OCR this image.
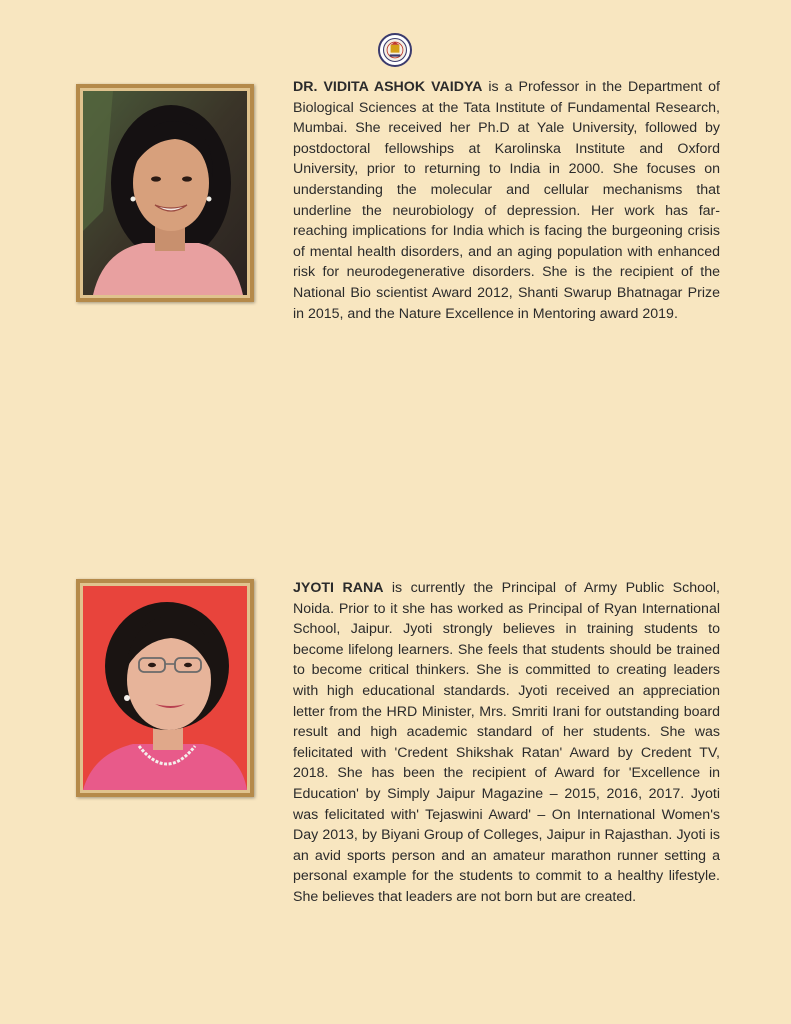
DR. VIDITA ASHOK VAIDYA is a Professor in the Department of Biological Sciences at the Tata Institute of Fundamental Research, Mumbai. She received her Ph.D at Yale University, followed by postdoctoral fellowships at Karolinska Institute and Oxford University, prior to returning to India in 2000. She focuses on understanding the molecular and cellular mechanisms that underline the neurobiology of depression. Her work has far-reaching implications for India which is facing the burgeoning crisis of mental health disorders, and an aging population with enhanced risk for neurodegenerative disorders. She is the recipient of the National Bio scientist Award 2012, Shanti Swarup Bhatnagar Prize in 2015, and the Nature Excellence in Mentoring award 2019.

JYOTI RANA is currently the Principal of Army Public School, Noida. Prior to it she has worked as Principal of Ryan International School, Jaipur. Jyoti strongly believes in training students to become lifelong learners. She feels that students should be trained to become critical thinkers. She is committed to creating leaders with high educational standards. Jyoti received an appreciation letter from the HRD Minister, Mrs. Smriti Irani for outstanding board result and high academic standard of her students. She was felicitated with 'Credent Shikshak Ratan' Award by Credent TV, 2018. She has been the recipient of Award for 'Excellence in Education' by Simply Jaipur Magazine – 2015, 2016, 2017. Jyoti was felicitated with' Tejaswini Award' – On International Women's Day 2013, by Biyani Group of Colleges, Jaipur in Rajasthan. Jyoti is an avid sports person and an amateur marathon runner setting a personal example for the students to commit to a healthy lifestyle. She believes that leaders are not born but are created.
